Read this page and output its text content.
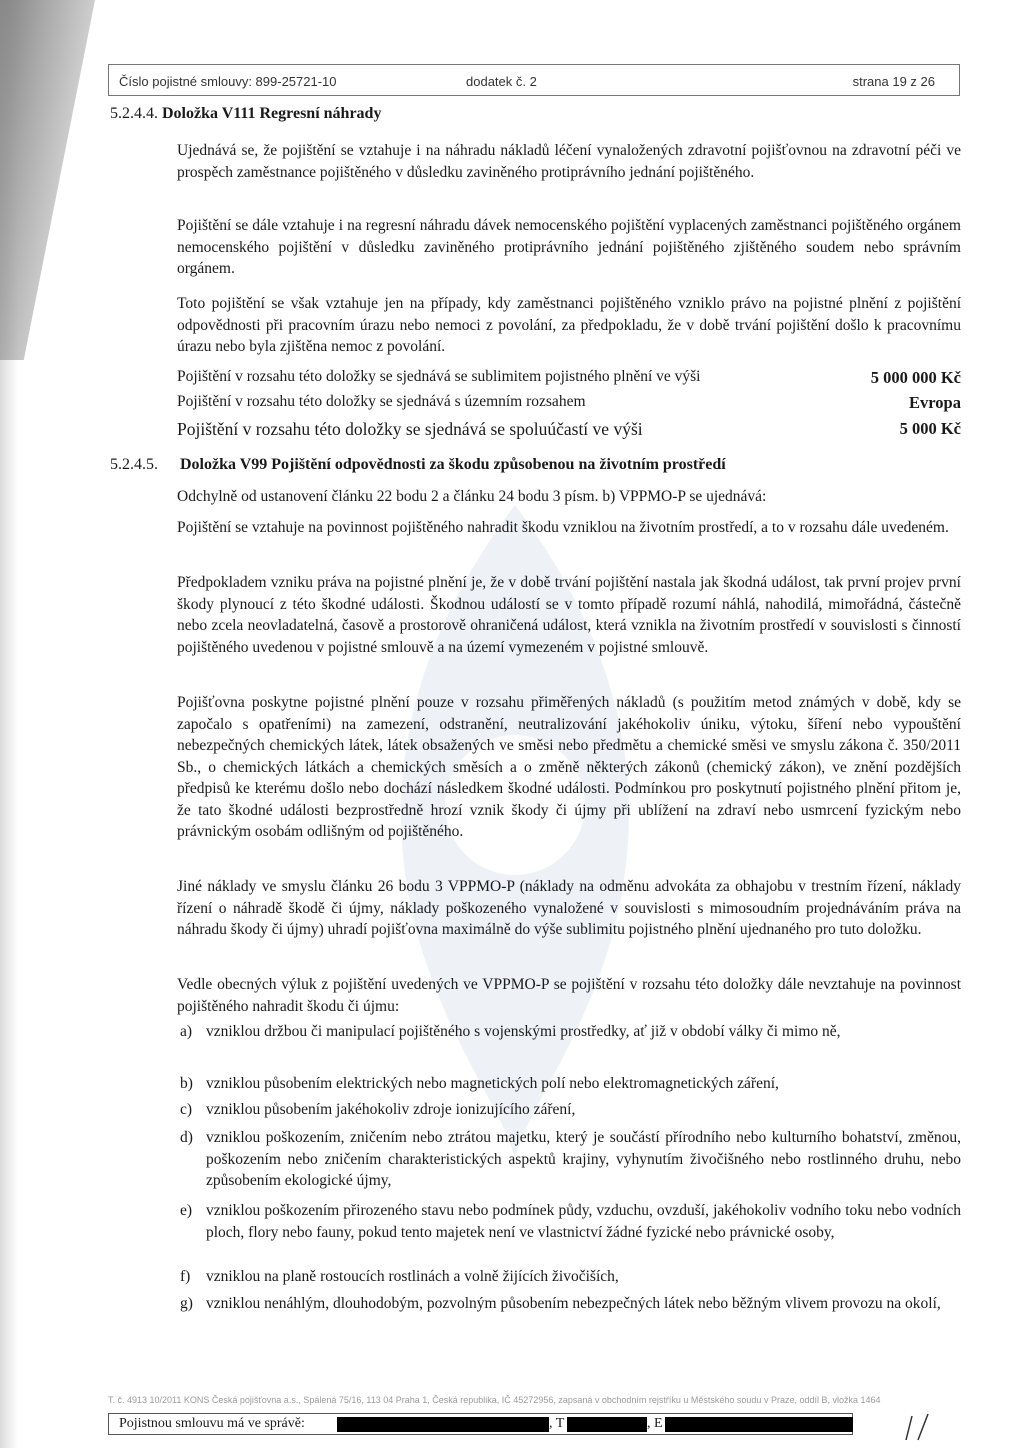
Číslo pojistné smlouvy: 899-25721-10	dodatek č. 2	strana 19 z 26
5.2.4.4. Doložka V111 Regresní náhrady

Ujednává se, že pojištění se vztahuje i na náhradu nákladů léčení vynaložených zdravotní pojišťovnou na zdravotní péči ve prospěch zaměstnance pojištěného v důsledku zaviněného protiprávního jednání pojištěného.

Pojištění se dále vztahuje i na regresní náhradu dávek nemocenského pojištění vyplacených zaměstnanci pojištěného orgánem nemocenského pojištění v důsledku zaviněného protiprávního jednání pojištěného zjištěného soudem nebo správním orgánem.

Toto pojištění se však vztahuje jen na případy, kdy zaměstnanci pojištěného vzniklo právo na pojistné plnění z pojištění odpovědnosti při pracovním úrazu nebo nemoci z povolání, za předpokladu, že v době trvání pojištění došlo k pracovnímu úrazu nebo byla zjištěna nemoc z povolání.

Pojištění v rozsahu této doložky se sjednává se sublimitem pojistného plnění ve výši	5 000 000 Kč
Pojištění v rozsahu této doložky se sjednává s územním rozsahem	Evropa
Pojištění v rozsahu této doložky se sjednává se spoluúčastí ve výši	5 000 Kč
5.2.4.5. Doložka V99 Pojištění odpovědnosti za škodu způsobenou na životním prostředí

Odchylně od ustanovení článku 22 bodu 2 a článku 24 bodu 3 písm. b) VPPMO-P se ujednává:

Pojištění se vztahuje na povinnost pojištěného nahradit škodu vzniklou na životním prostředí, a to v rozsahu dále uvedeném.

Předpokladem vzniku práva na pojistné plnění je, že v době trvání pojištění nastala jak škodná událost, tak první projev první škody plynoucí z této škodné události. Škodnou událostí se v tomto případě rozumí náhlá, nahodilá, mimořádná, částečně nebo zcela neovladatelná, časově a prostorově ohraničená událost, která vznikla na životním prostředí v souvislosti s činností pojištěného uvedenou v pojistné smlouvě a na území vymezeném v pojistné smlouvě.

Pojišťovna poskytne pojistné plnění pouze v rozsahu přiměřených nákladů (s použitím metod známých v době, kdy se započalo s opatřeními) na zamezení, odstranění, neutralizování jakéhokoliv úniku, výtoku, šíření nebo vypouštění nebezpečných chemických látek, látek obsažených ve směsi nebo předmětu a chemické směsi ve smyslu zákona č. 350/2011 Sb., o chemických látkách a chemických směsích a o změně některých zákonů (chemický zákon), ve znění pozdějších předpisů ke kterému došlo nebo dochází následkem škodné události. Podmínkou pro poskytnutí pojistného plnění přitom je, že tato škodné události bezprostředně hrozí vznik škody či újmy při ublížení na zdraví nebo usmrcení fyzickým nebo právnickým osobám odlišným od pojištěného.

Jiné náklady ve smyslu článku 26 bodu 3 VPPMO-P (náklady na odměnu advokáta za obhajobu v trestním řízení, náklady řízení o náhradě škodě či újmy, náklady poškozeného vynaložené v souvislosti s mimosoudním projednáváním práva na náhradu škody či újmy) uhradí pojišťovna maximálně do výše sublimitu pojistného plnění ujednaného pro tuto doložku.

Vedle obecných výluk z pojištění uvedených ve VPPMO-P se pojištění v rozsahu této doložky dále nevztahuje na povinnost pojištěného nahradit škodu či újmu:

a) vzniklou držbou či manipulací pojištěného s vojenskými prostředky, ať již v období války či mimo ně,

b) vzniklou působením elektrických nebo magnetických polí nebo elektromagnetických záření,

c) vzniklou působením jakéhokoliv zdroje ionizujícího záření,

d) vzniklou poškozením, zničením nebo ztrátou majetku, který je součástí přírodního nebo kulturního bohatství, změnou, poškozením nebo zničením charakteristických aspektů krajiny, vyhynutím živočišného nebo rostlinného druhu, nebo způsobením ekologické újmy,

e) vzniklou poškozením přirozeného stavu nebo podmínek půdy, vzduchu, ovzduší, jakéhokoliv vodního toku nebo vodních ploch, flory nebo fauny, pokud tento majetek není ve vlastnictví žádné fyzické nebo právnické osoby,

f) vzniklou na planě rostoucích rostlinách a volně žijících živočiších,

g) vzniklou nenáhlým, dlouhodobým, pozvolným působením nebezpečných látek nebo běžným vlivem provozu na okolí,

T. č. 4913 10/2011 KONS Česká pojišťovna a.s., Spálená 75/16, 113 04 Praha 1, Česká republika, IČ 45272956, zapsaná v obchodním rejstříku u Městského soudu v Praze, oddíl B, vložka 1464
Pojistnou smlouvu má ve správě:	, T	, E
